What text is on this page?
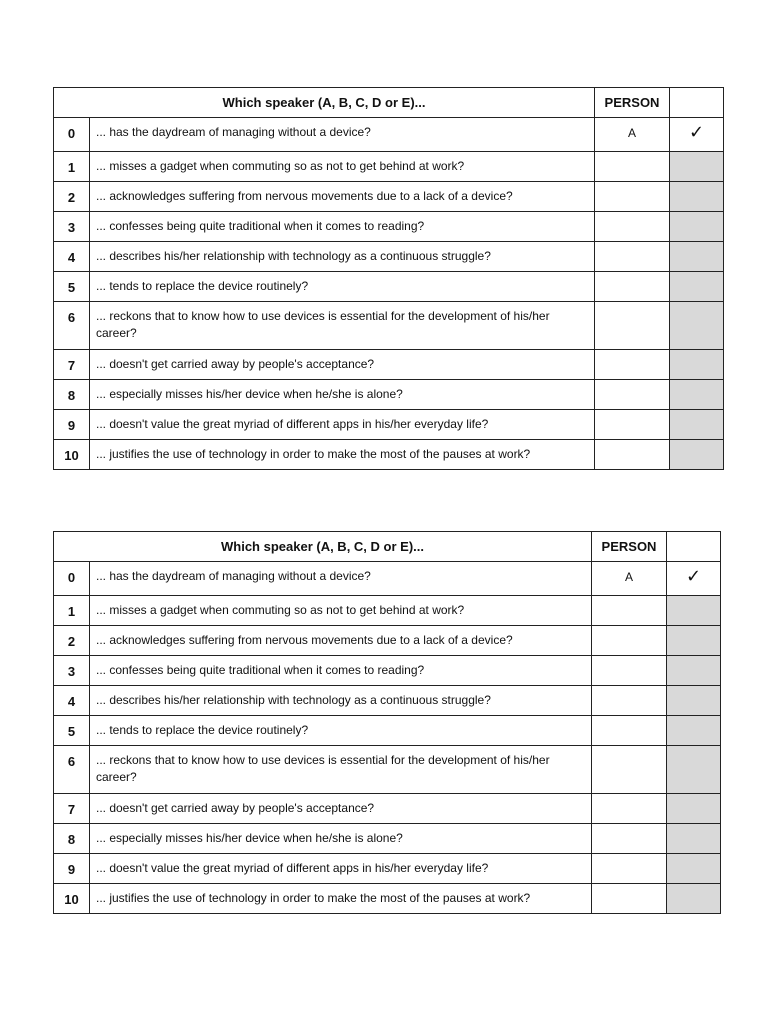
Which speaker (A, B, C, D or E)...		PERSON	
0	... has the daydream of managing without a device?	A	✓
1	... misses a gadget when commuting so as not to get behind at work?		
2	... acknowledges suffering from nervous movements due to a lack of a device?		
3	... confesses being quite traditional when it comes to reading?		
4	... describes his/her relationship with technology as a continuous struggle?		
5	... tends to replace the device routinely?		
6	... reckons that to know how to use devices is essential for the development of his/her career?		
7	... doesn't get carried away by people's acceptance?		
8	... especially misses his/her device when he/she is alone?		
9	... doesn't value the great myriad of different apps in his/her everyday life?		
10	... justifies the use of technology in order to make the most of the pauses at work?		
Which speaker (A, B, C, D or E)...		PERSON	
0	... has the daydream of managing without a device?	A	✓
1	... misses a gadget when commuting so as not to get behind at work?		
2	... acknowledges suffering from nervous movements due to a lack of a device?		
3	... confesses being quite traditional when it comes to reading?		
4	... describes his/her relationship with technology as a continuous struggle?		
5	... tends to replace the device routinely?		
6	... reckons that to know how to use devices is essential for the development of his/her career?		
7	... doesn't get carried away by people's acceptance?		
8	... especially misses his/her device when he/she is alone?		
9	... doesn't value the great myriad of different apps in his/her everyday life?		
10	... justifies the use of technology in order to make the most of the pauses at work?		
